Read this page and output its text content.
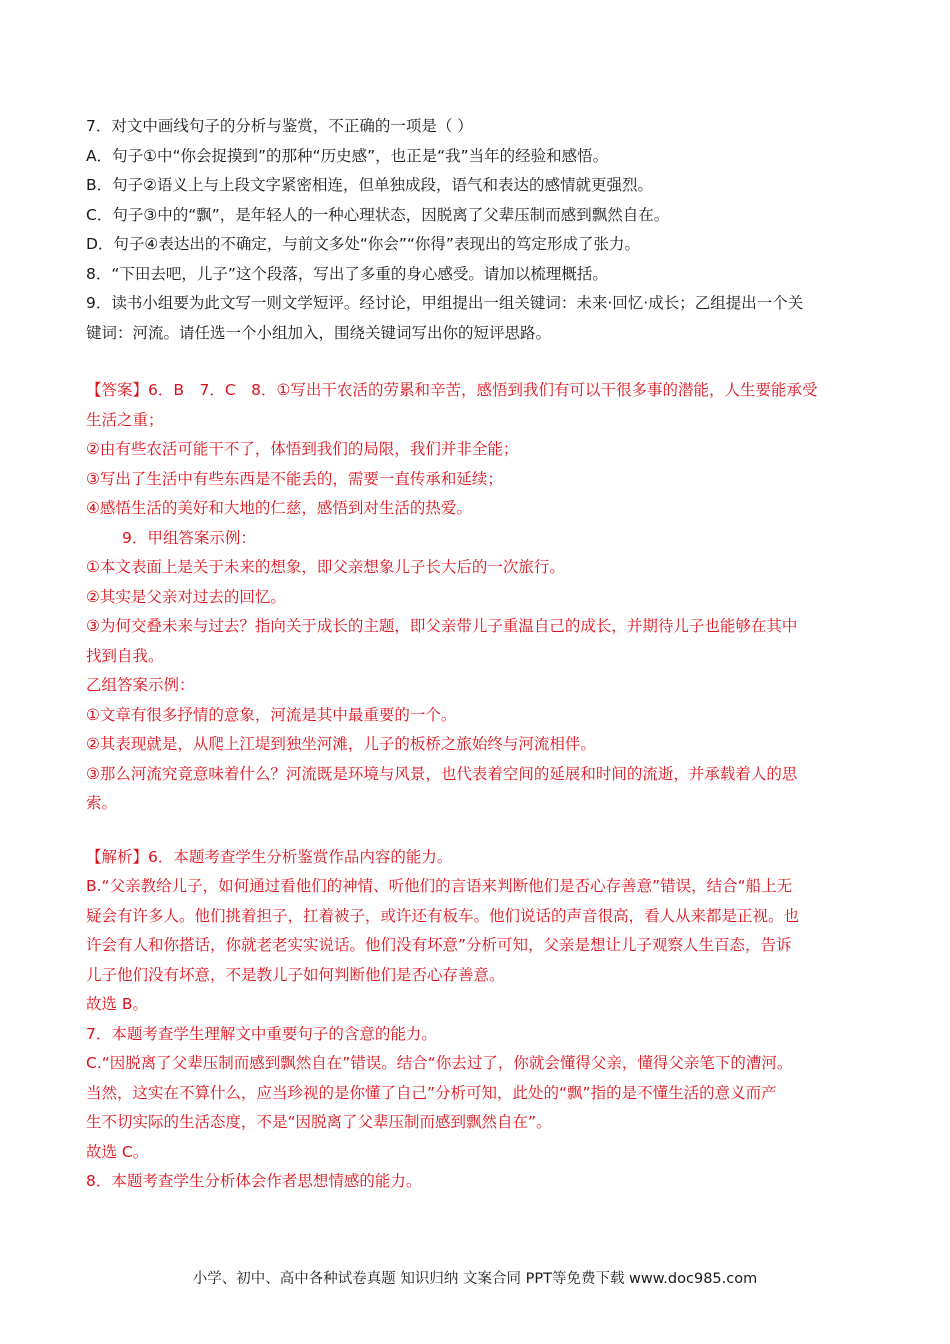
7．对文中画线句子的分析与鉴赏，不正确的一项是（ ）
A．句子①中“你会捉摸到”的那种“历史感”，也正是“我”当年的经验和感悟。
B．句子②语义上与上段文字紧密相连，但单独成段，语气和表达的感情就更强烈。
C．句子③中的“飘”，是年轻人的一种心理状态，因脱离了父辈压制而感到飘然自在。
D．句子④表达出的不确定，与前文多处“你会”“你得”表现出的笃定形成了张力。
8．“下田去吧，儿子”这个段落，写出了多重的身心感受。请加以梳理概括。
9．读书小组要为此文写一则文学短评。经讨论，甲组提出一组关键词：未来·回忆·成长；乙组提出一个关
键词：河流。请任选一个小组加入，围绕关键词写出你的短评思路。
【答案】6．B　7．C　8．①写出干农活的劳累和辛苦，感悟到我们有可以干很多事的潜能，人生要能承受
生活之重；
②由有些农活可能干不了，体悟到我们的局限，我们并非全能；
③写出了生活中有些东西是不能丢的，需要一直传承和延续；
④感悟生活的美好和大地的仁慈，感悟到对生活的热爱。
9．甲组答案示例：
①本文表面上是关于未来的想象，即父亲想象儿子长大后的一次旅行。
②其实是父亲对过去的回忆。
③为何交叠未来与过去？指向关于成长的主题，即父亲带儿子重温自己的成长，并期待儿子也能够在其中
找到自我。
乙组答案示例：
①文章有很多抒情的意象，河流是其中最重要的一个。
②其表现就是，从爬上江堤到独坐河滩，儿子的板桥之旅始终与河流相伴。
③那么河流究竟意味着什么？河流既是环境与风景，也代表着空间的延展和时间的流逝，并承载着人的思
索。
【解析】6．本题考查学生分析鉴赏作品内容的能力。
B.“父亲教给儿子，如何通过看他们的神情、听他们的言语来判断他们是否心存善意”错误，结合“船上无
疑会有许多人。他们挑着担子，扛着被子，或许还有板车。他们说话的声音很高，看人从来都是正视。也
许会有人和你搭话，你就老老实实说话。他们没有坏意”分析可知，父亲是想让儿子观察人生百态，告诉
儿子他们没有坏意，不是教儿子如何判断他们是否心存善意。
故选 B。
7．本题考查学生理解文中重要句子的含意的能力。
C.“因脱离了父辈压制而感到飘然自在”错误。结合“你去过了，你就会懂得父亲，懂得父亲笔下的漕河。
当然，这实在不算什么，应当珍视的是你懂了自己”分析可知，此处的“飘”指的是不懂生活的意义而产
生不切实际的生活态度，不是“因脱离了父辈压制而感到飘然自在”。
故选 C。
8．本题考查学生分析体会作者思想情感的能力。
小学、初中、高中各种试卷真题 知识归纳 文案合同 PPT等免费下载 www.doc985.com
